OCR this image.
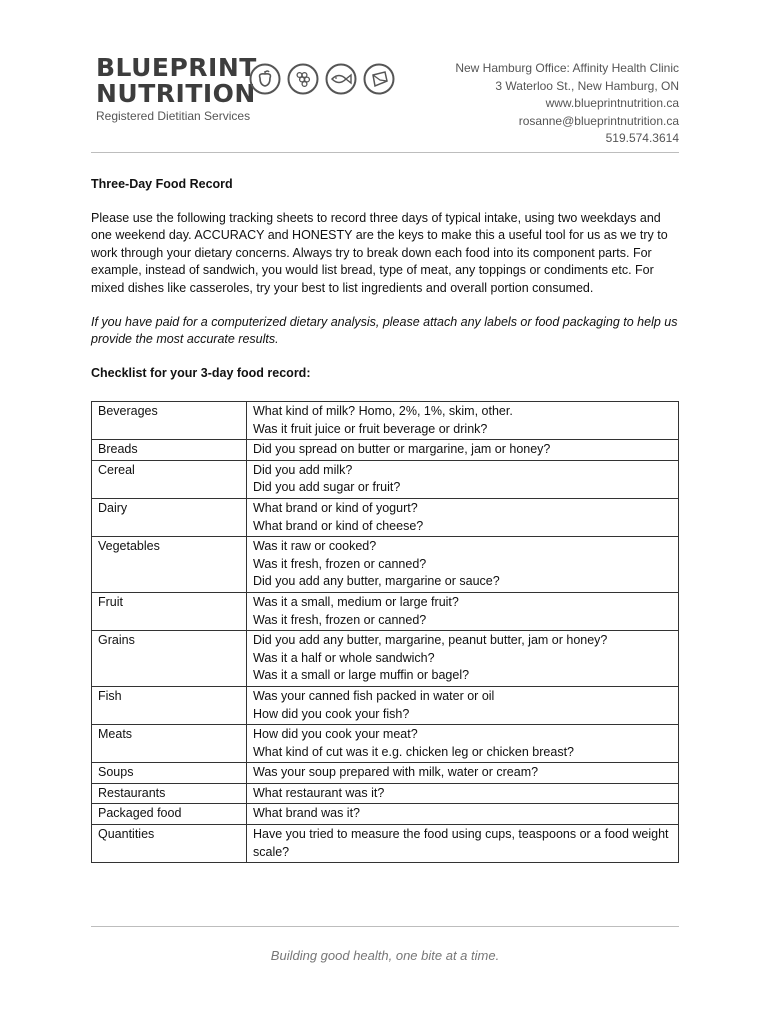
BLUEPRINT
NUTRITION
Registered Dietitian Services
New Hamburg Office: Affinity Health Clinic
3 Waterloo St., New Hamburg, ON
www.blueprintnutrition.ca
rosanne@blueprintnutrition.ca
519.574.3614

Three-Day Food Record

Please use the following tracking sheets to record three days of typical intake, using two weekdays and one weekend day. ACCURACY and HONESTY are the keys to make this a useful tool for us as we try to work through your dietary concerns. Always try to break down each food into its component parts. For example, instead of sandwich, you would list bread, type of meat, any toppings or condiments etc. For mixed dishes like casseroles, try your best to list ingredients and overall portion consumed.

If you have paid for a computerized dietary analysis, please attach any labels or food packaging to help us provide the most accurate results.

Checklist for your 3-day food record:

Beverages	What kind of milk? Homo, 2%, 1%, skim, other.
Was it fruit juice or fruit beverage or drink?

Breads	Did you spread on butter or margarine, jam or honey?

Cereal	Did you add milk?
Did you add sugar or fruit?

Dairy	What brand or kind of yogurt?
What brand or kind of cheese?

Vegetables	Was it raw or cooked?
Was it fresh, frozen or canned?
Did you add any butter, margarine or sauce?

Fruit	Was it a small, medium or large fruit?
Was it fresh, frozen or canned?

Grains	Did you add any butter, margarine, peanut butter, jam or honey?
Was it a half or whole sandwich?
Was it a small or large muffin or bagel?

Fish	Was your canned fish packed in water or oil
How did you cook your fish?

Meats	How did you cook your meat?
What kind of cut was it e.g. chicken leg or chicken breast?

Soups	Was your soup prepared with milk, water or cream?

Restaurants	What restaurant was it?

Packaged food	What brand was it?

Quantities	Have you tried to measure the food using cups, teaspoons or a food weight scale?
Building good health, one bite at a time.
